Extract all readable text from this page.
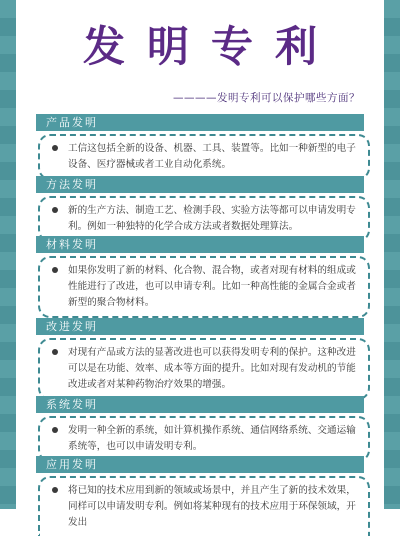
发明专利
————发明专利可以保护哪些方面？
产品发明
工信这包括全新的设备、机器、工具、装置等。比如一种新型的电子设备、医疗器械或者工业自动化系统。
方法发明
新的生产方法、制造工艺、检测手段、实验方法等都可以申请发明专利。例如一种独特的化学合成方法或者数据处理算法。
材料发明
如果你发明了新的材料、化合物、混合物，或者对现有材料的组成或性能进行了改进，也可以申请专利。比如一种高性能的金属合金或者新型的聚合物材料。
改进发明
对现有产品或方法的显著改进也可以获得发明专利的保护。这种改进可以是在功能、效率、成本等方面的提升。比如对现有发动机的节能改进或者对某种药物治疗效果的增强。
系统发明
发明一种全新的系统，如计算机操作系统、通信网络系统、交通运输系统等，也可以申请发明专利。
应用发明
将已知的技术应用到新的领域或场景中，并且产生了新的技术效果，同样可以申请发明专利。例如将某种现有的技术应用于环保领域，开发出
